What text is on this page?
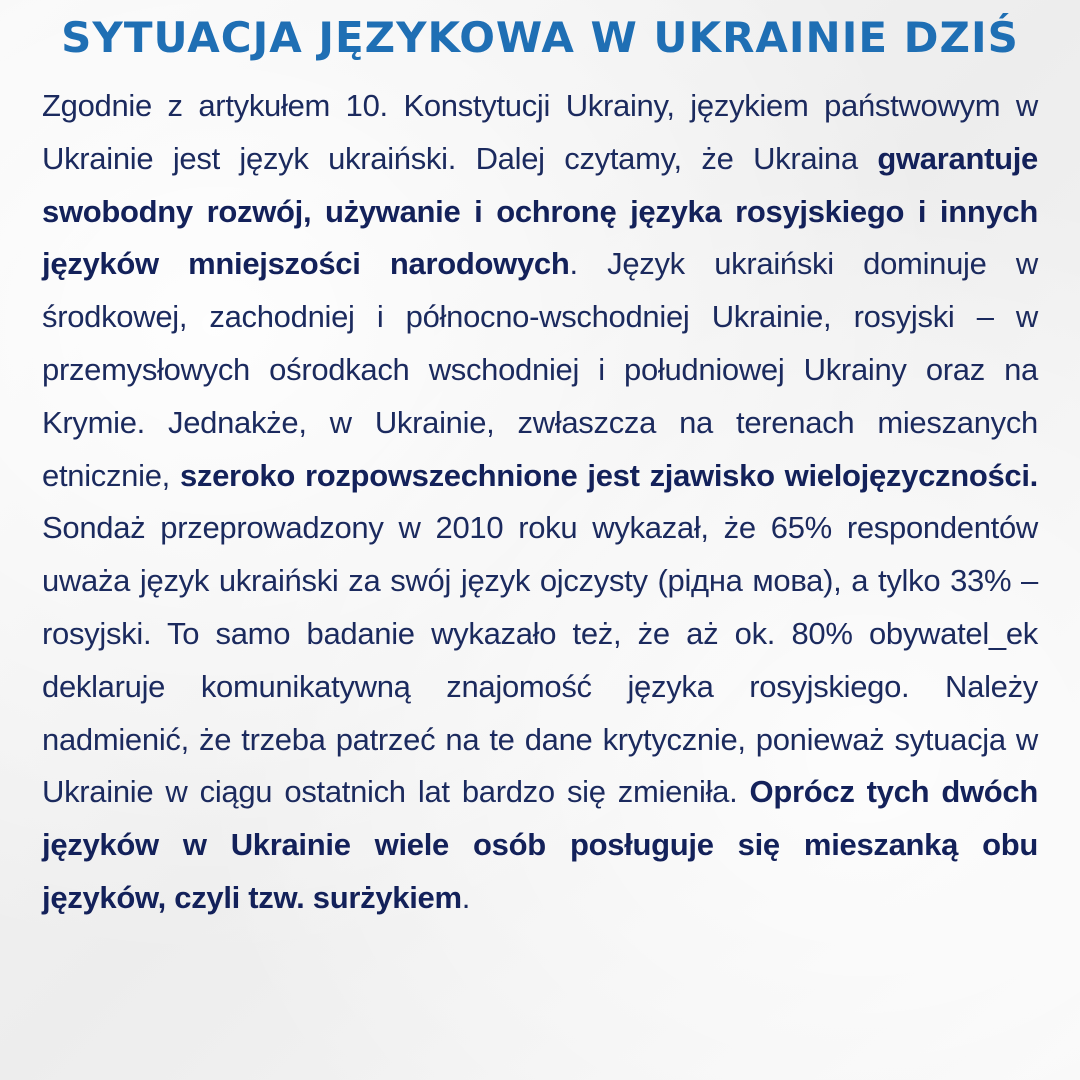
SYTUACJA JĘZYKOWA W UKRAINIE DZIŚ
Zgodnie z artykułem 10. Konstytucji Ukrainy, językiem państwowym w Ukrainie jest język ukraiński. Dalej czytamy, że Ukraina gwarantuje swobodny rozwój, używanie i ochronę języka rosyjskiego i innych języków mniejszości narodowych. Język ukraiński dominuje w środkowej, zachodniej i północno-wschodniej Ukrainie, rosyjski – w przemysłowych ośrodkach wschodniej i południowej Ukrainy oraz na Krymie. Jednakże, w Ukrainie, zwłaszcza na terenach mieszanych etnicznie, szeroko rozpowszechnione jest zjawisko wielojęzyczności. Sondaż przeprowadzony w 2010 roku wykazał, że 65% respondentów uważa język ukraiński za swój język ojczysty (рідна мова), a tylko 33% – rosyjski. To samo badanie wykazało też, że aż ok. 80% obywatel_ek deklaruje komunikatywną znajomość języka rosyjskiego. Należy nadmienić, że trzeba patrzeć na te dane krytycznie, ponieważ sytuacja w Ukrainie w ciągu ostatnich lat bardzo się zmieniła. Oprócz tych dwóch języków w Ukrainie wiele osób posługuje się mieszanką obu języków, czyli tzw. surżykiem.
